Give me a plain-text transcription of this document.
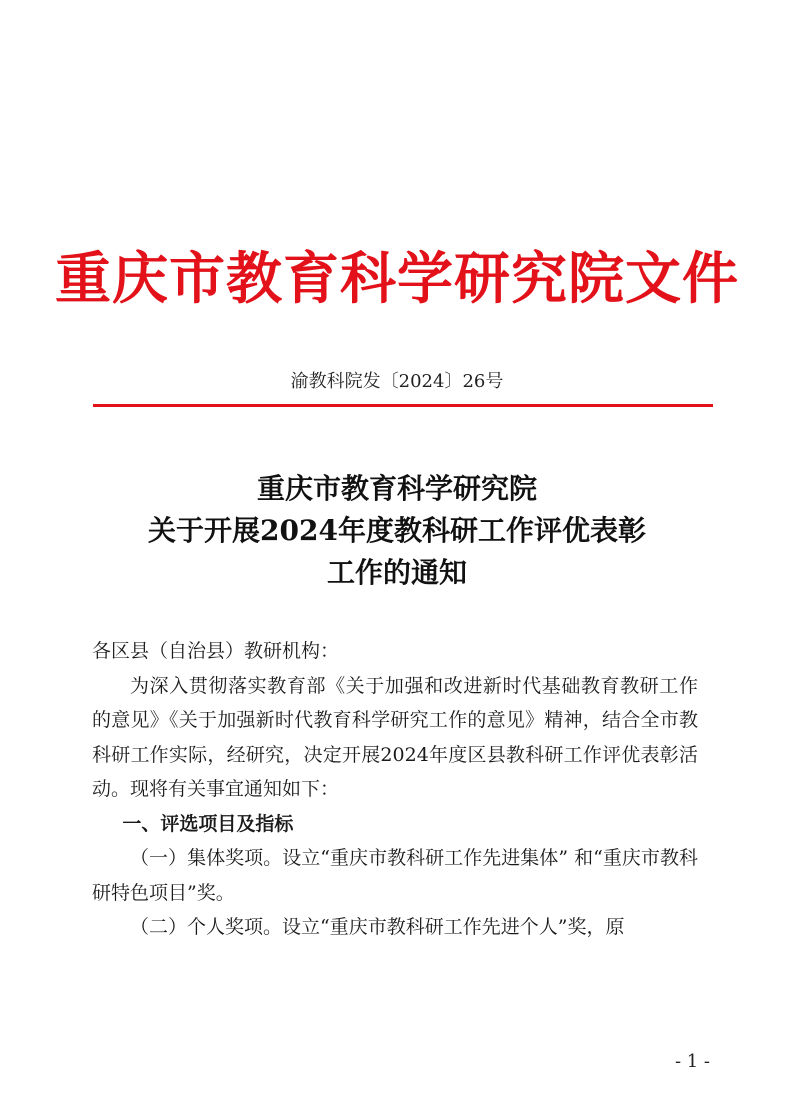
重庆市教育科学研究院文件
渝教科院发〔2024〕26号
重庆市教育科学研究院
关于开展2024年度教科研工作评优表彰
工作的通知

各区县（自治县）教研机构：

为深入贯彻落实教育部《关于加强和改进新时代基础教育教研工作的意见》《关于加强新时代教育科学研究工作的意见》精神，结合全市教科研工作实际，经研究，决定开展2024年度区县教科研工作评优表彰活动。现将有关事宜通知如下：

一、评选项目及指标

（一）集体奖项。设立“重庆市教科研工作先进集体” 和“重庆市教科研特色项目”奖。

（二）个人奖项。设立“重庆市教科研工作先进个人”奖，原

- 1 -
